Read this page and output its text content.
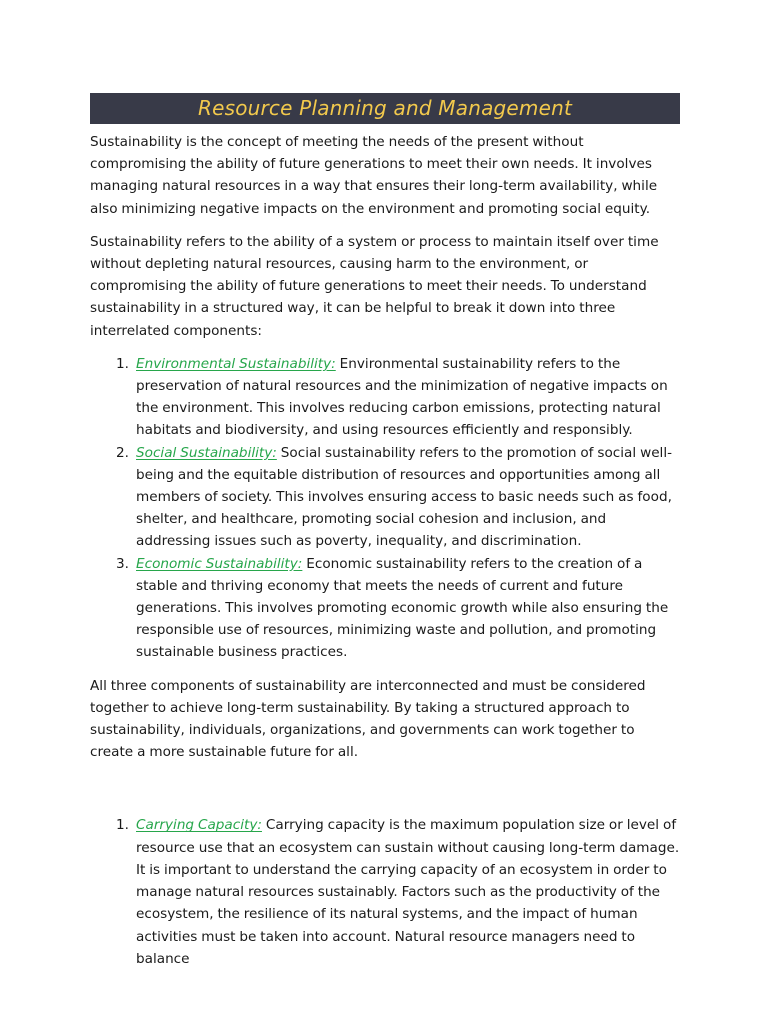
Resource Planning and Management

Sustainability is the concept of meeting the needs of the present without compromising the ability of future generations to meet their own needs. It involves managing natural resources in a way that ensures their long-term availability, while also minimizing negative impacts on the environment and promoting social equity.

Sustainability refers to the ability of a system or process to maintain itself over time without depleting natural resources, causing harm to the environment, or compromising the ability of future generations to meet their needs. To understand sustainability in a structured way, it can be helpful to break it down into three interrelated components:

1. Environmental Sustainability: Environmental sustainability refers to the preservation of natural resources and the minimization of negative impacts on the environment. This involves reducing carbon emissions, protecting natural habitats and biodiversity, and using resources efficiently and responsibly.
2. Social Sustainability: Social sustainability refers to the promotion of social well-being and the equitable distribution of resources and opportunities among all members of society. This involves ensuring access to basic needs such as food, shelter, and healthcare, promoting social cohesion and inclusion, and addressing issues such as poverty, inequality, and discrimination.
3. Economic Sustainability: Economic sustainability refers to the creation of a stable and thriving economy that meets the needs of current and future generations. This involves promoting economic growth while also ensuring the responsible use of resources, minimizing waste and pollution, and promoting sustainable business practices.

All three components of sustainability are interconnected and must be considered together to achieve long-term sustainability. By taking a structured approach to sustainability, individuals, organizations, and governments can work together to create a more sustainable future for all.

1. Carrying Capacity: Carrying capacity is the maximum population size or level of resource use that an ecosystem can sustain without causing long-term damage. It is important to understand the carrying capacity of an ecosystem in order to manage natural resources sustainably. Factors such as the productivity of the ecosystem, the resilience of its natural systems, and the impact of human activities must be taken into account. Natural resource managers need to balance
